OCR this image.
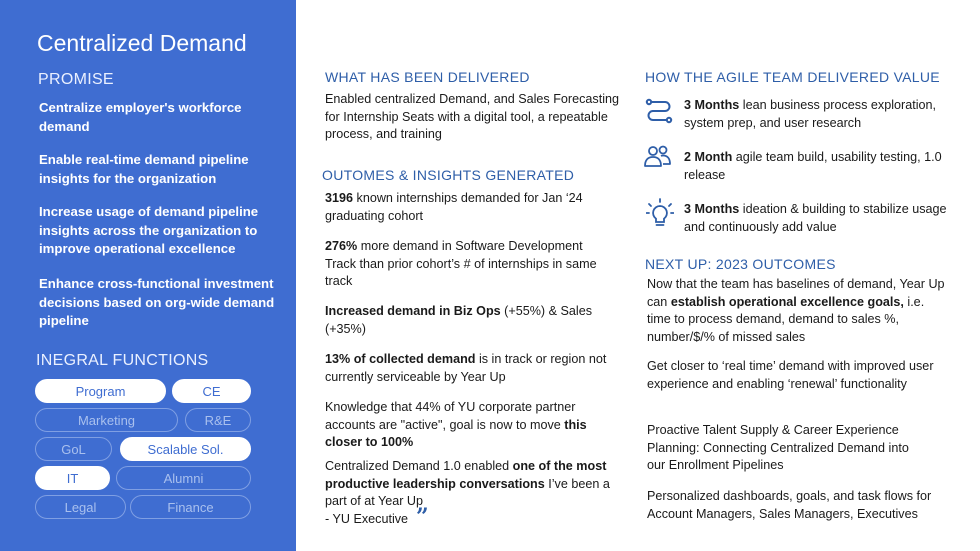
Centralized Demand
PROMISE
Centralize employer's workforce demand
Enable real-time demand pipeline insights for the organization
Increase usage of demand pipeline insights across the organization to improve operational excellence
Enhance cross-functional investment decisions based on org-wide demand pipeline
INEGRAL FUNCTIONS
Program	CE
Marketing	R&E
GoL	Scalable Sol.
IT	Alumni
Legal	Finance
WHAT HAS BEEN DELIVERED
Enabled centralized Demand, and Sales Forecasting for Internship Seats with a digital tool, a repeatable process, and training
OUTOMES & INSIGHTS GENERATED
3196 known internships demanded for Jan ‘24 graduating cohort
276% more demand in Software Development Track than prior cohort’s # of internships in same track
Increased demand in Biz Ops (+55%) & Sales (+35%)
13% of collected demand is in track or region not currently serviceable by Year Up
Knowledge that 44% of YU corporate partner accounts are "active", goal is now to move this closer to 100%
Centralized Demand 1.0 enabled one of the most productive leadership conversations I’ve been a part of at Year Up
- YU Executive ”
HOW THE AGILE TEAM DELIVERED VALUE
3 Months lean business process exploration, system prep, and user research
2 Month agile team build, usability testing, 1.0 release
3 Months ideation & building to stabilize usage and continuously add value
NEXT UP: 2023 OUTCOMES
Now that the team has baselines of demand, Year Up can establish operational excellence goals, i.e. time to process demand, demand to sales %, number/$/% of missed sales
Get closer to ‘real time’ demand with improved user experience and enabling ‘renewal’ functionality
Proactive Talent Supply & Career Experience Planning: Connecting Centralized Demand into our Enrollment Pipelines
Personalized dashboards, goals, and task flows for Account Managers, Sales Managers, Executives
